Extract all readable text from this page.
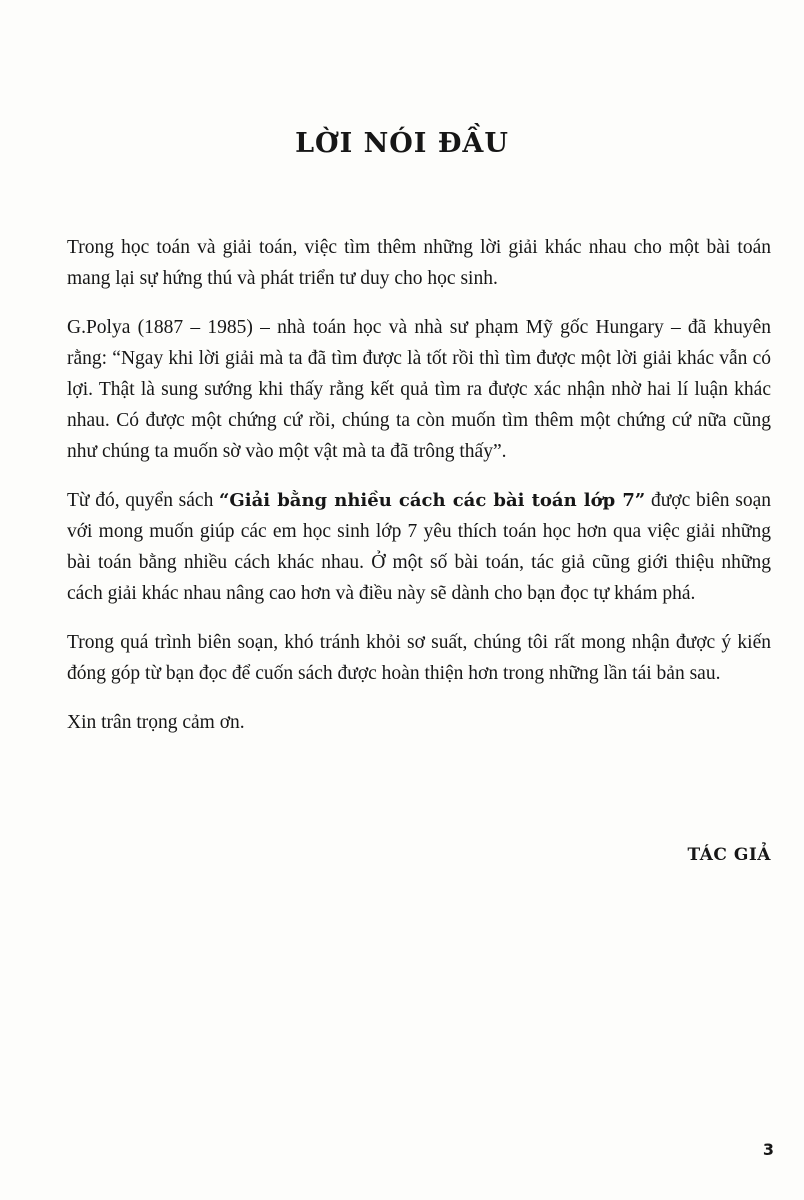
LỜI NÓI ĐẦU

Trong học toán và giải toán, việc tìm thêm những lời giải khác nhau cho một bài toán mang lại sự hứng thú và phát triển tư duy cho học sinh.

G.Polya (1887 – 1985) – nhà toán học và nhà sư phạm Mỹ gốc Hungary – đã khuyên rằng: “Ngay khi lời giải mà ta đã tìm được là tốt rồi thì tìm được một lời giải khác vẫn có lợi. Thật là sung sướng khi thấy rằng kết quả tìm ra được xác nhận nhờ hai lí luận khác nhau. Có được một chứng cứ rồi, chúng ta còn muốn tìm thêm một chứng cứ nữa cũng như chúng ta muốn sờ vào một vật mà ta đã trông thấy”.

Từ đó, quyển sách “Giải bằng nhiều cách các bài toán lớp 7” được biên soạn với mong muốn giúp các em học sinh lớp 7 yêu thích toán học hơn qua việc giải những bài toán bằng nhiều cách khác nhau. Ở một số bài toán, tác giả cũng giới thiệu những cách giải khác nhau nâng cao hơn và điều này sẽ dành cho bạn đọc tự khám phá.

Trong quá trình biên soạn, khó tránh khỏi sơ suất, chúng tôi rất mong nhận được ý kiến đóng góp từ bạn đọc để cuốn sách được hoàn thiện hơn trong những lần tái bản sau.

Xin trân trọng cảm ơn.

TÁC GIẢ
3
